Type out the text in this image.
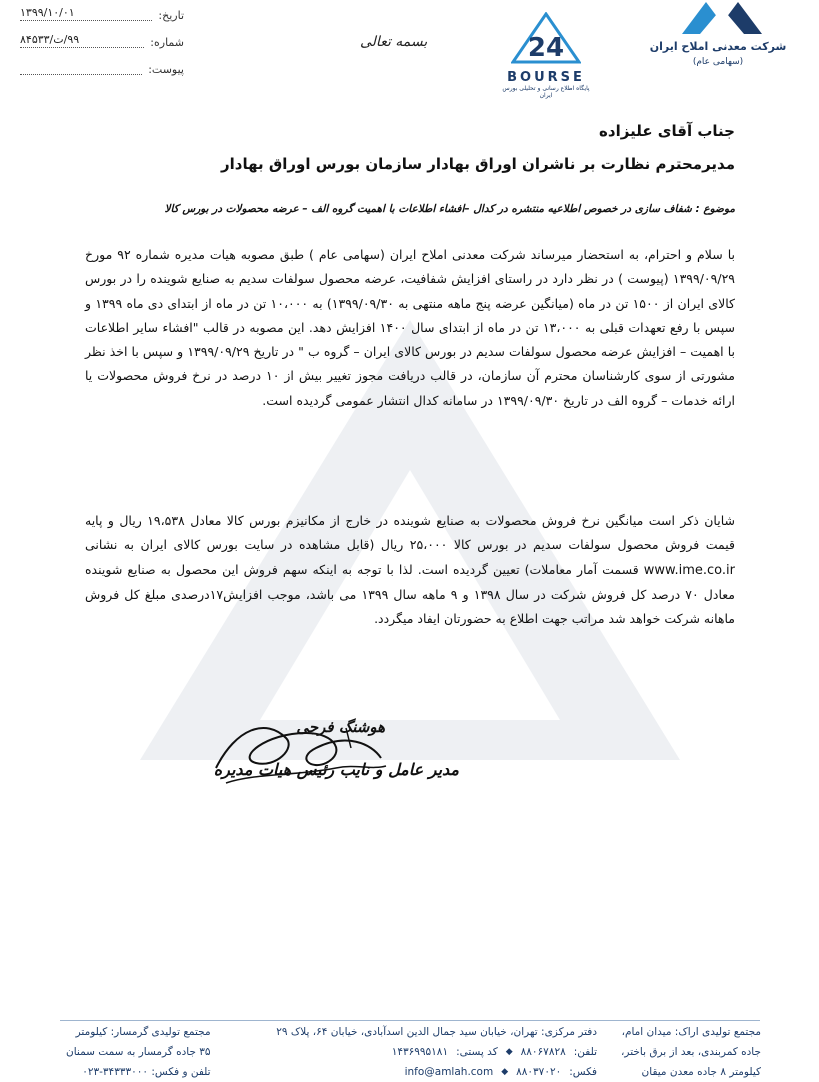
تاریخ:
۱۳۹۹/۱۰/۰۱
شماره:
۹۹/ت/۸۴۵۳۳
پیوست:
بسمه تعالی	24
BOURSE
پایگاه اطلاع رسانی و تحلیلی بورس ایران
شرکت معدنی املاح ایران
(سهامی عام)
جناب آقای علیزاده
مدیرمحترم نظارت بر ناشران اوراق بهادار سازمان بورس اوراق بهادار
موضوع : شفاف سازی در خصوص اطلاعیه منتشره در کدال –افشاء اطلاعات با اهمیت گروه الف – عرضه محصولات در بورس کالا
با سلام و احترام، به استحضار میرساند شرکت معدنی املاح ایران (سهامی عام ) طبق مصوبه هیات مدیره شماره ۹۲ مورخ ۱۳۹۹/۰۹/۲۹ (پیوست ) در نظر دارد در راستای افزایش شفافیت، عرضه محصول سولفات سدیم به صنایع شوینده را در بورس کالای ایران از ۱۵۰۰ تن در ماه (میانگین عرضه پنج ماهه منتهی به ۱۳۹۹/۰۹/۳۰) به ۱۰،۰۰۰ تن در ماه از ابتدای دی ماه ۱۳۹۹ و سپس با رفع تعهدات قبلی به ۱۳،۰۰۰ تن در ماه از ابتدای سال ۱۴۰۰ افزایش دهد. این مصوبه در قالب "افشاء سایر اطلاعات با اهمیت – افزایش عرضه محصول سولفات سدیم در بورس کالای ایران – گروه ب " در تاریخ ۱۳۹۹/۰۹/۲۹ و سپس با اخذ نظر مشورتی از سوی کارشناسان محترم آن سازمان، در قالب دریافت مجوز تغییر بیش از ۱۰ درصد در نرخ فروش محصولات یا ارائه خدمات – گروه الف در تاریخ ۱۳۹۹/۰۹/۳۰ در سامانه کدال انتشار عمومی گردیده است.
شایان ذکر است میانگین نرخ فروش محصولات به صنایع شوینده در خارج از مکانیزم بورس کالا معادل ۱۹،۵۳۸ ریال و پایه قیمت فروش محصول سولفات سدیم در بورس کالا ۲۵،۰۰۰ ریال (قابل مشاهده در سایت بورس کالای ایران به نشانی www.ime.co.ir قسمت آمار معاملات) تعیین گردیده است. لذا با توجه به اینکه سهم فروش این محصول به صنایع شوینده معادل ۷۰ درصد کل فروش شرکت در سال ۱۳۹۸ و ۹ ماهه سال ۱۳۹۹ می باشد، موجب افزایش۱۷درصدی مبلغ کل فروش ماهانه شرکت خواهد شد مراتب جهت اطلاع به حضورتان ایفاد میگردد.
هوشنگ فرجی
مدیر عامل و نایب رئیس هیات مدیره
مجتمع تولیدی اراک: میدان امام،
جاده کمربندی، بعد از برق باختر،
کیلومتر ۸ جاده معدن میقان
دفتر مرکزی: تهران، خیابان سید جمال الدین اسدآبادی، خیابان ۶۴، پلاک ۲۹
تلفن:
۸۸۰۶۷۸۲۸
◆
کد پستی:
۱۴۳۶۹۹۵۱۸۱
فکس:
۸۸۰۳۷۰۲۰
◆
info@amlah.com
مجتمع تولیدی گرمسار: کیلومتر
۳۵ جاده گرمسار به سمت سمنان
تلفن و فکس: ۳۴۳۳۳۰۰۰-۰۲۳
